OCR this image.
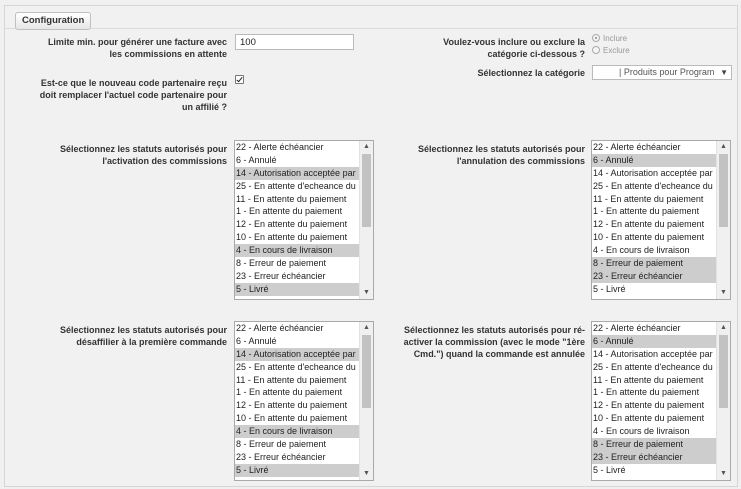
Configuration
Limite min. pour générer une facture avec les commissions en attente
100
Est-ce que le nouveau code partenaire reçu doit remplacer l'actuel code partenaire pour un affilié ?
Voulez-vous inclure ou exclure la catégorie ci-dessous ?
Inclure
Exclure
Sélectionnez la catégorie	| Produits pour Program ▼
Sélectionnez les statuts autorisés pour l'activation des commissions
Sélectionnez les statuts autorisés pour l'annulation des commissions
Sélectionnez les statuts autorisés pour désaffilier à la première commande
Sélectionnez les statuts autorisés pour ré-activer la commission (avec le mode "1ère Cmd.") quand la commande est annulée
22 - Alerte échéancier
6 - Annulé
14 - Autorisation acceptée par
25 - En attente d'echeance du
11 - En attente du paiement
1 - En attente du paiement
12 - En attente du paiement
10 - En attente du paiement
4 - En cours de livraison
8 - Erreur de paiement
23 - Erreur échéancier
5 - Livré
▲
▼
22 - Alerte échéancier
6 - Annulé
14 - Autorisation acceptée par
25 - En attente d'echeance du
11 - En attente du paiement
1 - En attente du paiement
12 - En attente du paiement
10 - En attente du paiement
4 - En cours de livraison
8 - Erreur de paiement
23 - Erreur échéancier
5 - Livré
▲
▼
22 - Alerte échéancier
6 - Annulé
14 - Autorisation acceptée par
25 - En attente d'echeance du
11 - En attente du paiement
1 - En attente du paiement
12 - En attente du paiement
10 - En attente du paiement
4 - En cours de livraison
8 - Erreur de paiement
23 - Erreur échéancier
5 - Livré
▲
▼
22 - Alerte échéancier
6 - Annulé
14 - Autorisation acceptée par
25 - En attente d'echeance du
11 - En attente du paiement
1 - En attente du paiement
12 - En attente du paiement
10 - En attente du paiement
4 - En cours de livraison
8 - Erreur de paiement
23 - Erreur échéancier
5 - Livré
▲
▼
